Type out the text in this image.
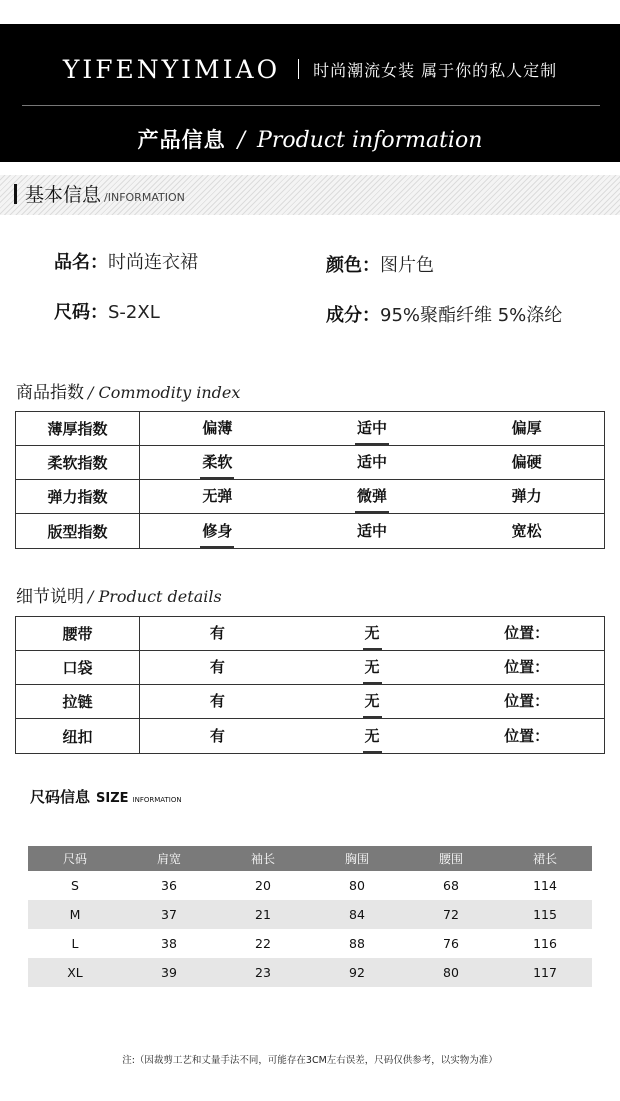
YIFENYIMIAO 时尚潮流女装 属于你的私人定制
产品信息 / Product information
基本信息 /INFORMATION
品名：时尚连衣裙	颜色：图片色
尺码：S-2XL	成分：95%聚酯纤维 5%涤纶
商品指数 / Commodity index
薄厚指数	偏薄	适中	偏厚
柔软指数	柔软	适中	偏硬
弹力指数	无弹	微弹	弹力
版型指数	修身	适中	宽松
细节说明 / Product details
腰带	有	无	位置：
口袋	有	无	位置：
拉链	有	无	位置：
纽扣	有	无	位置：
尺码信息 SIZE INFORMATION
尺码	肩宽	袖长	胸围	腰围	裙长
S	36	20	80	68	114
M	37	21	84	72	115
L	38	22	88	76	116
XL	39	23	92	80	117
注:（因裁剪工艺和丈量手法不同，可能存在3CM左右误差，尺码仅供参考，以实物为准）
